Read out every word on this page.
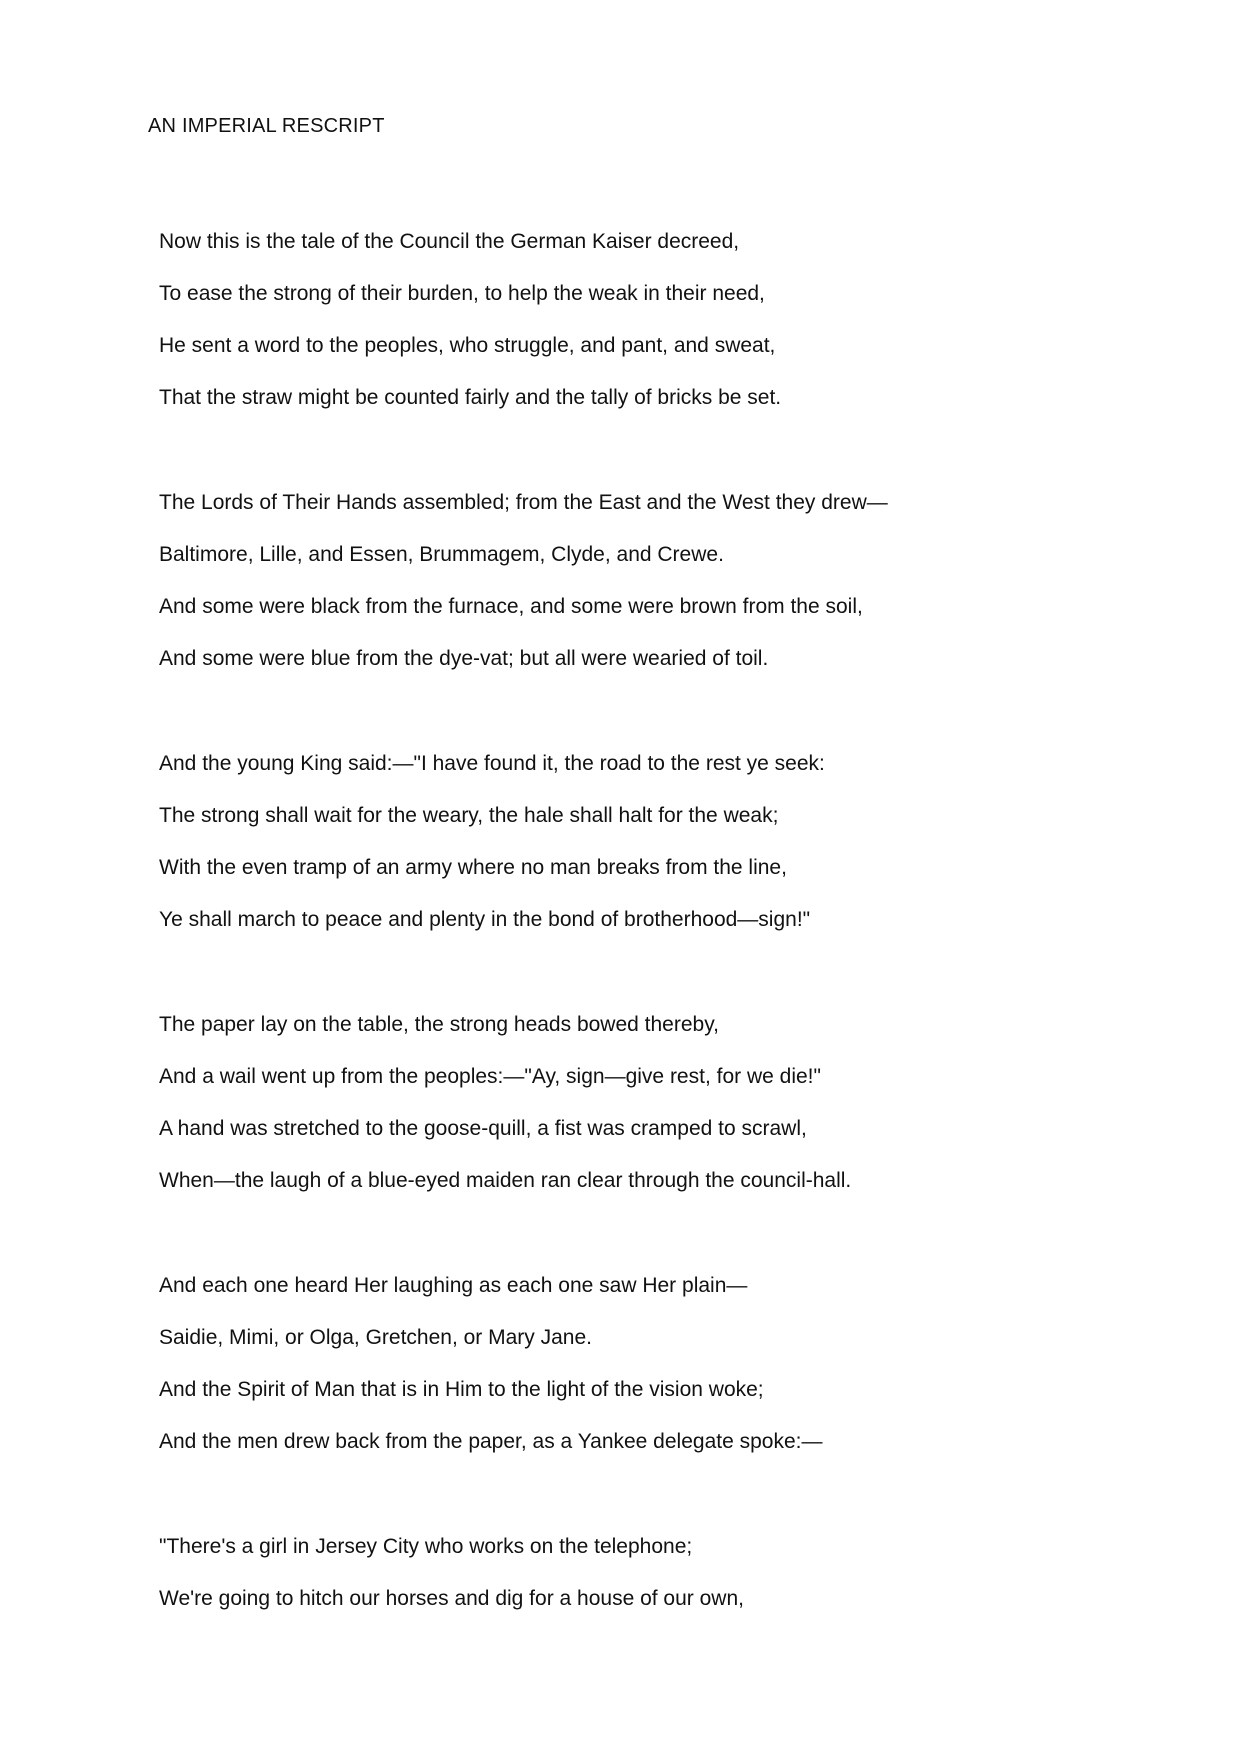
AN IMPERIAL RESCRIPT
Now this is the tale of the Council the German Kaiser decreed,
To ease the strong of their burden, to help the weak in their need,
He sent a word to the peoples, who struggle, and pant, and sweat,
That the straw might be counted fairly and the tally of bricks be set.
The Lords of Their Hands assembled; from the East and the West they drew—
Baltimore, Lille, and Essen, Brummagem, Clyde, and Crewe.
And some were black from the furnace, and some were brown from the soil,
And some were blue from the dye-vat; but all were wearied of toil.
And the young King said:—"I have found it, the road to the rest ye seek:
The strong shall wait for the weary, the hale shall halt for the weak;
With the even tramp of an army where no man breaks from the line,
Ye shall march to peace and plenty in the bond of brotherhood—sign!"
The paper lay on the table, the strong heads bowed thereby,
And a wail went up from the peoples:—"Ay, sign—give rest, for we die!"
A hand was stretched to the goose-quill, a fist was cramped to scrawl,
When—the laugh of a blue-eyed maiden ran clear through the council-hall.
And each one heard Her laughing as each one saw Her plain—
Saidie, Mimi, or Olga, Gretchen, or Mary Jane.
And the Spirit of Man that is in Him to the light of the vision woke;
And the men drew back from the paper, as a Yankee delegate spoke:—
"There's a girl in Jersey City who works on the telephone;
We're going to hitch our horses and dig for a house of our own,
